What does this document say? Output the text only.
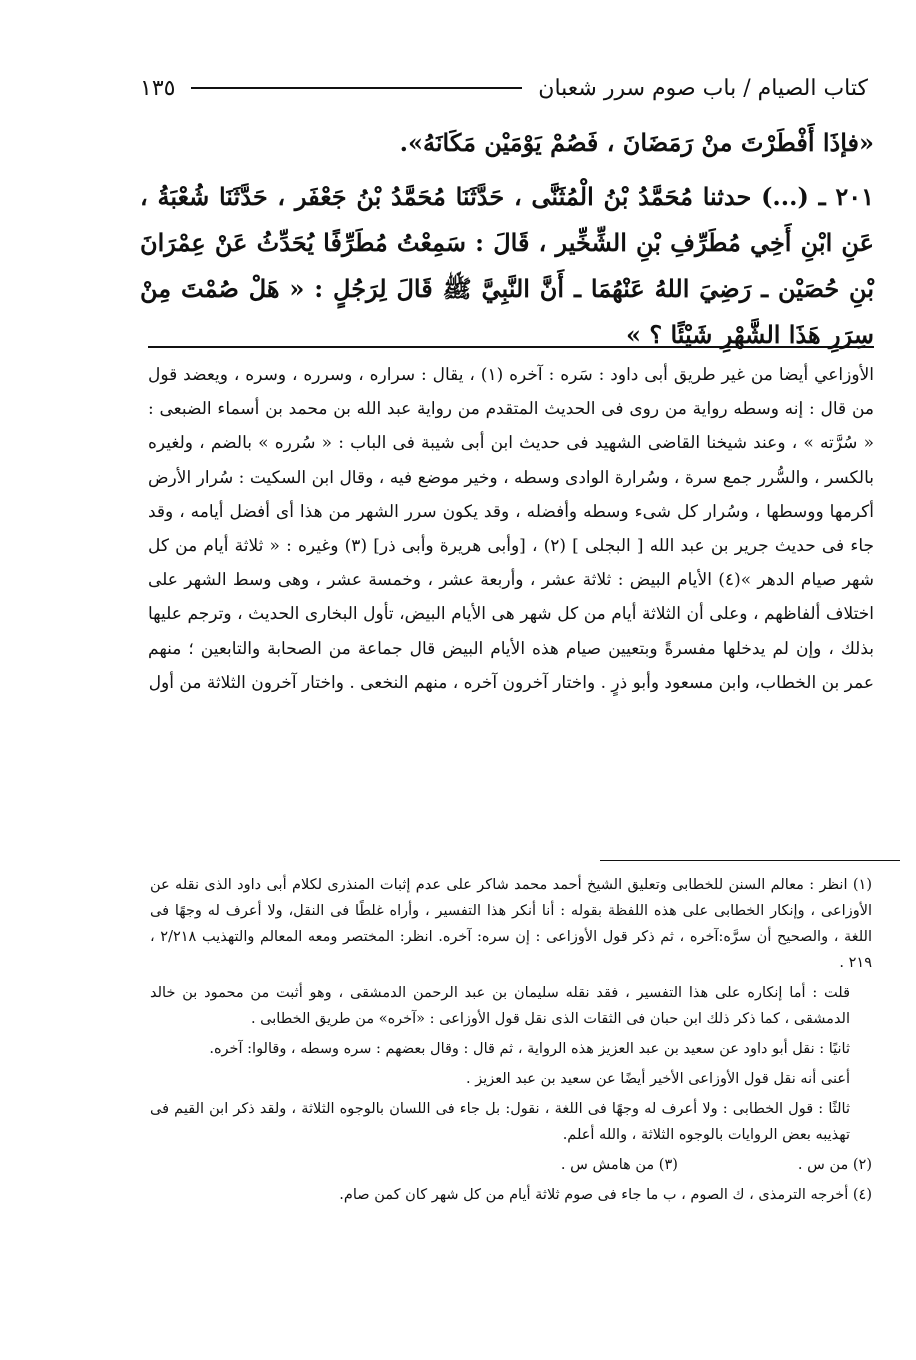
كتاب الصيام / باب صوم سرر شعبان
١٣٥

«فإذَا أَفْطَرْتَ منْ رَمَضَانَ ، فَصُمْ يَوْمَيْن مَكَانَهُ».

٢٠١ ـ (...) حدثنا مُحَمَّدُ بْنُ الْمُثَنَّى ، حَدَّثَنَا مُحَمَّدُ بْنُ جَعْفَر ، حَدَّثَنَا شُعْبَةُ ، عَنِ ابْنِ أَخِي مُطَرِّفِ بْنِ الشِّخِّير ، قَالَ : سَمِعْتُ مُطَرِّفًا يُحَدِّثُ عَنْ عِمْرَانَ بْنِ حُصَيْن ـ رَضِيَ اللهُ عَنْهُمَا ـ أَنَّ النَّبِيَّ ﷺ قَالَ لِرَجُلٍ : « هَلْ صُمْتَ مِنْ سِرَرِ هَذَا الشَّهْرِ شَيْئًا ؟ »

الأوزاعي أيضا من غير طريق أبى داود : سَره : آخره (١) ، يقال : سراره ، وسرره ، وسره ، ويعضد قول من قال : إنه وسطه رواية من روى فى الحديث المتقدم من رواية عبد الله بن محمد بن أسماء الضبعى : « سُرَّته » ، وعند شيخنا القاضى الشهيد فى حديث ابن أبى شيبة فى الباب : « سُرره » بالضم ، ولغيره بالكسر ، والسُّرر جمع سرة ، وسُرارة الوادى وسطه ، وخير موضع فيه ، وقال ابن السكيت : سُرار الأرض أكرمها ووسطها ، وسُرار كل شىء وسطه وأفضله ، وقد يكون سرر الشهر من هذا أى أفضل أيامه ، وقد جاء فى حديث جرير بن عبد الله [ البجلى ] (٢) ، [وأبى هريرة وأبى ذر] (٣) وغيره : « ثلاثة أيام من كل شهر صيام الدهر »(٤) الأيام البيض : ثلاثة عشر ، وأربعة عشر ، وخمسة عشر ، وهى وسط الشهر على اختلاف ألفاظهم ، وعلى أن الثلاثة أيام من كل شهر هى الأيام البيض، تأول البخارى الحديث ، وترجم عليها بذلك ، وإن لم يدخلها مفسرةً وبتعيين صيام هذه الأيام البيض قال جماعة من الصحابة والتابعين ؛ منهم عمر بن الخطاب، وابن مسعود وأبو ذرٍ . واختار آخرون آخره ، منهم النخعى . واختار آخرون الثلاثة من أول

(١) انظر : معالم السنن للخطابى وتعليق الشيخ أحمد محمد شاكر على عدم إثبات المنذرى لكلام أبى داود الذى نقله عن الأوزاعى ، وإنكار الخطابى على هذه اللفظة بقوله : أنا أنكر هذا التفسير ، وأراه غلطًا فى النقل، ولا أعرف له وجهًا فى اللغة ، والصحيح أن سرَّه:آخره ، ثم ذكر قول الأوزاعى : إن سره: آخره. انظر: المختصر ومعه المعالم والتهذيب ٢/٢١٨ ، ٢١٩ .

قلت : أما إنكاره على هذا التفسير ، فقد نقله سليمان بن عبد الرحمن الدمشقى ، وهو أثبت من محمود بن خالد الدمشقى ، كما ذكر ذلك ابن حبان فى الثقات الذى نقل قول الأوزاعى : «آخره» من طريق الخطابى .

ثانيًا : نقل أبو داود عن سعيد بن عبد العزيز هذه الرواية ، ثم قال : وقال بعضهم : سره وسطه ، وقالوا: آخره.

أعنى أنه نقل قول الأوزاعى الأخير أيضًا عن سعيد بن عبد العزيز .

ثالثًا : قول الخطابى : ولا أعرف له وجهًا فى اللغة ، نقول: بل جاء فى اللسان بالوجوه الثلاثة ، ولقد ذكر ابن القيم فى تهذيبه بعض الروايات بالوجوه الثلاثة ، والله أعلم.

(٢) من س .

(٣) من هامش س .

(٤) أخرجه الترمذى ، ك الصوم ، ب ما جاء فى صوم ثلاثة أيام من كل شهر كان كمن صام.
